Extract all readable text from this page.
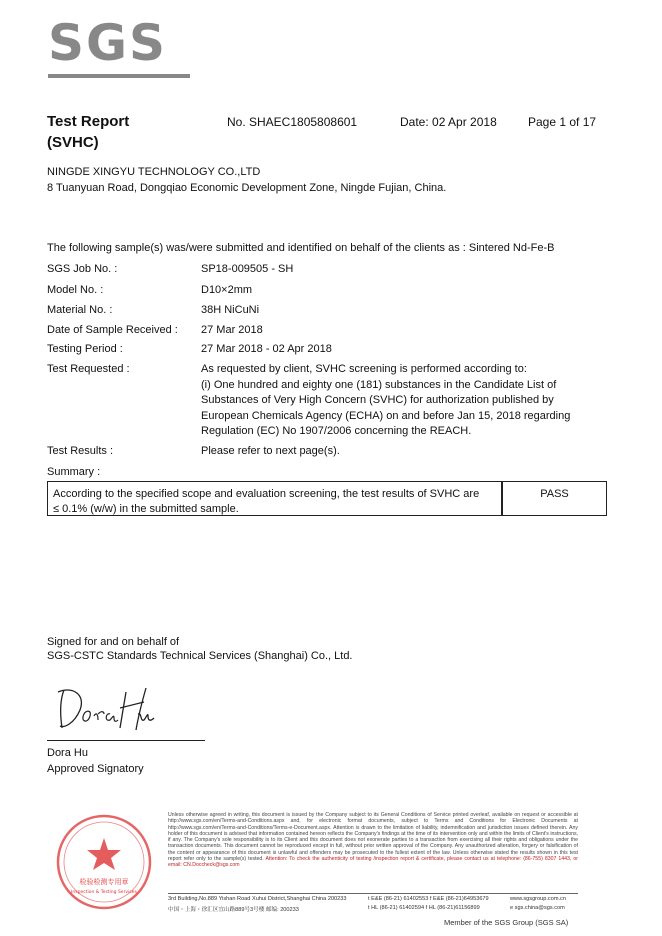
SGS
Test Report
(SVHC)
No. SHAEC1805808601	Date: 02 Apr 2018	Page 1 of 17
NINGDE XINGYU TECHNOLOGY CO.,LTD
8 Tuanyuan Road, Dongqiao Economic Development Zone, Ningde Fujian, China.
The following sample(s) was/were submitted and identified on behalf of the clients as : Sintered Nd-Fe-B
SGS Job No. :	SP18-009505 - SH
Model No. :	D10×2mm
Material No. :	38H NiCuNi
Date of Sample Received : 27 Mar 2018
Testing Period :	27 Mar 2018 - 02 Apr 2018
Test Requested :	As requested by client, SVHC screening is performed according to:
(i) One hundred and eighty one (181) substances in the Candidate List of
Substances of Very High Concern (SVHC) for authorization published by
European Chemicals Agency (ECHA) on and before Jan 15, 2018 regarding
Regulation (EC) No 1907/2006 concerning the REACH.
Test Results :	Please refer to next page(s).
Summary :
According to the specified scope and evaluation screening, the test results of SVHC are
≤ 0.1% (w/w) in the submitted sample.
PASS
Signed for and on behalf of
SGS-CSTC Standards Technical Services (Shanghai) Co., Ltd.
Dora Hu
Approved Signatory
检验检测专用章
Inspection & Testing Services
Unless otherwise agreed in writing, this document is issued by the Company subject to its General Conditions of Service printed overleaf, available on request or accessible at http://www.sgs.com/en/Terms-and-Conditions.aspx and, for electronic format documents, subject to Terms and Conditions for Electronic Documents at http://www.sgs.com/en/Terms-and-Conditions/Terms-e-Document.aspx. Attention is drawn to the limitation of liability, indemnification and jurisdiction issues defined therein. Any holder of this document is advised that information contained hereon reflects the Company's findings at the time of its intervention only and within the limits of Client's instructions, if any. The Company's sole responsibility is to its Client and this document does not exonerate parties to a transaction from exercising all their rights and obligations under the transaction documents. This document cannot be reproduced except in full, without prior written approval of the Company. Any unauthorized alteration, forgery or falsification of the content or appearance of this document is unlawful and offenders may be prosecuted to the fullest extent of the law. Unless otherwise stated the results shown in this test report refer only to the sample(s) tested. Attention: To check the authenticity of testing /inspection report & certificate, please contact us at telephone: (86-755) 8307 1443, or email: CN.Doccheck@sgs.com
3rd Building,No.889 Yishan Road Xuhui District,Shanghai China 200233
中国・上海・徐汇区宜山路889号3号楼 邮编: 200233
t E&E (86-21) 61402553 f E&E (86-21)64953679
t HL (86-21) 61402594 f HL (86-21)61156899
www.sgsgroup.com.cn
e sgs.china@sgs.com
Member of the SGS Group (SGS SA)
